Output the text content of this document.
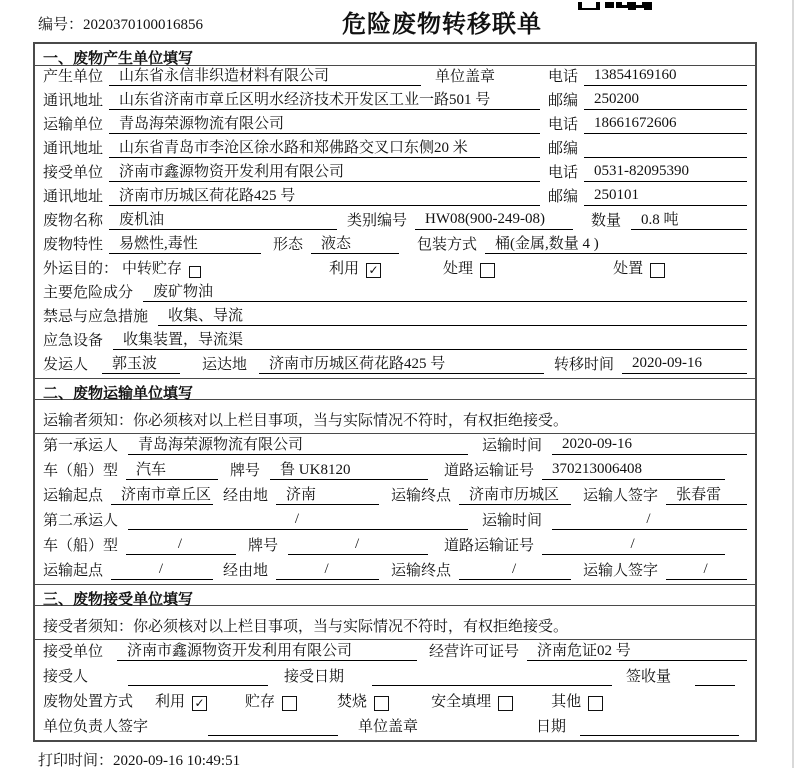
编号：2020370100016856	危险废物转移联单
一、废物产生单位填写
产生单位	山东省永信非织造材料有限公司	单位盖章	电话	13854169160
通讯地址	山东省济南市章丘区明水经济技术开发区工业一路501 号	邮编	250200
运输单位	青岛海荣源物流有限公司	电话	18661672606
通讯地址	山东省青岛市李沧区徐水路和郑佛路交叉口东侧20 米	邮编
接受单位	济南市鑫源物资开发利用有限公司	电话	0531-82095390
通讯地址	济南市历城区荷花路425 号	邮编	250101
废物名称	废机油	类别编号	HW08(900-249-08)	数量	0.8 吨
废物特性	易燃性,毒性	形态	液态	包装方式	桶(金属,数量 4 )
外运目的： 中转贮存	利用 ✓	处理	处置
主要危险成分	废矿物油
禁忌与应急措施	收集、导流
应急设备	收集装置，导流渠
发运人	郭玉波	运达地	济南市历城区荷花路425 号	转移时间	2020-09-16
二、废物运输单位填写
运输者须知：你必须核对以上栏目事项，当与实际情况不符时，有权拒绝接受。
第一承运人	青岛海荣源物流有限公司	运输时间	2020-09-16
车（船）型	汽车	牌号	鲁 UK8120	道路运输证号	370213006408
运输起点	济南市章丘区 经由地	济南	运输终点	济南市历城区	运输人签字	张春雷
第二承运人	/	运输时间	/
车（船）型	/	牌号	/	道路运输证号	/
运输起点	/	经由地	/	运输终点	/	运输人签字	/
三、废物接受单位填写
接受者须知：你必须核对以上栏目事项，当与实际情况不符时，有权拒绝接受。
接受单位	济南市鑫源物资开发利用有限公司	经营许可证号	济南危证02 号
接受人	接受日期	签收量
废物处置方式 利用 ✓	贮存	焚烧	安全填埋	其他
单位负责人签字	单位盖章	日期
打印时间：2020-09-16 10:49:51
